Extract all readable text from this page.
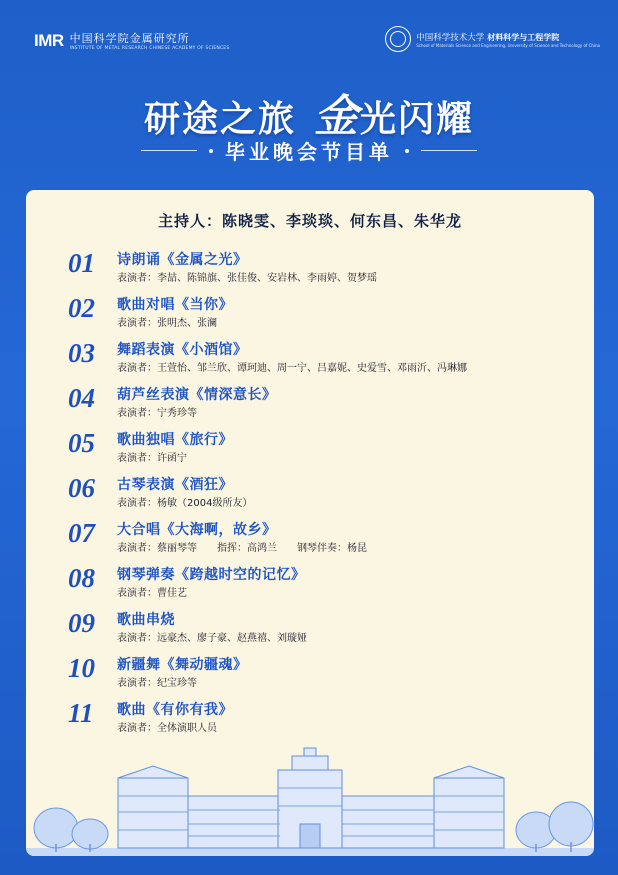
IMR 中国科学院金属研究所
INSTITUTE OF METAL RESEARCH CHINESE ACADEMY OF SCIENCES
中国科学技术大学 材料科学与工程学院
School of Materials Science and Engineering, University of Science and Technology of China
研途之旅 金光闪耀
毕业晚会节目单
主持人：陈晓雯、李琰琰、何东昌、朱华龙
01	诗朗诵《金属之光》
表演者：李喆、陈锦旗、张佳俊、安岩林、李雨婷、贺梦瑶
02	歌曲对唱《当你》
表演者：张明杰、张澜
03	舞蹈表演《小酒馆》
表演者：王萱怡、邹兰欣、谭珂迪、周一宁、吕嘉妮、史爱雪、邓雨沂、冯琳娜
04	葫芦丝表演《情深意长》
表演者：宁秀珍等
05	歌曲独唱《旅行》
表演者：许函宁
06	古琴表演《酒狂》
表演者：杨敏（2004级所友）
07	大合唱《大海啊，故乡》
表演者：蔡丽琴等　　指挥：高鸿兰　　钢琴伴奏：杨昆
08	钢琴弹奏《跨越时空的记忆》
表演者：曹佳艺
09	歌曲串烧
表演者：远豪杰、廖子豪、赵燕禧、刘璇娅
10	新疆舞《舞动疆魂》
表演者：纪宝珍等
11	歌曲《有你有我》
表演者：全体演职人员
